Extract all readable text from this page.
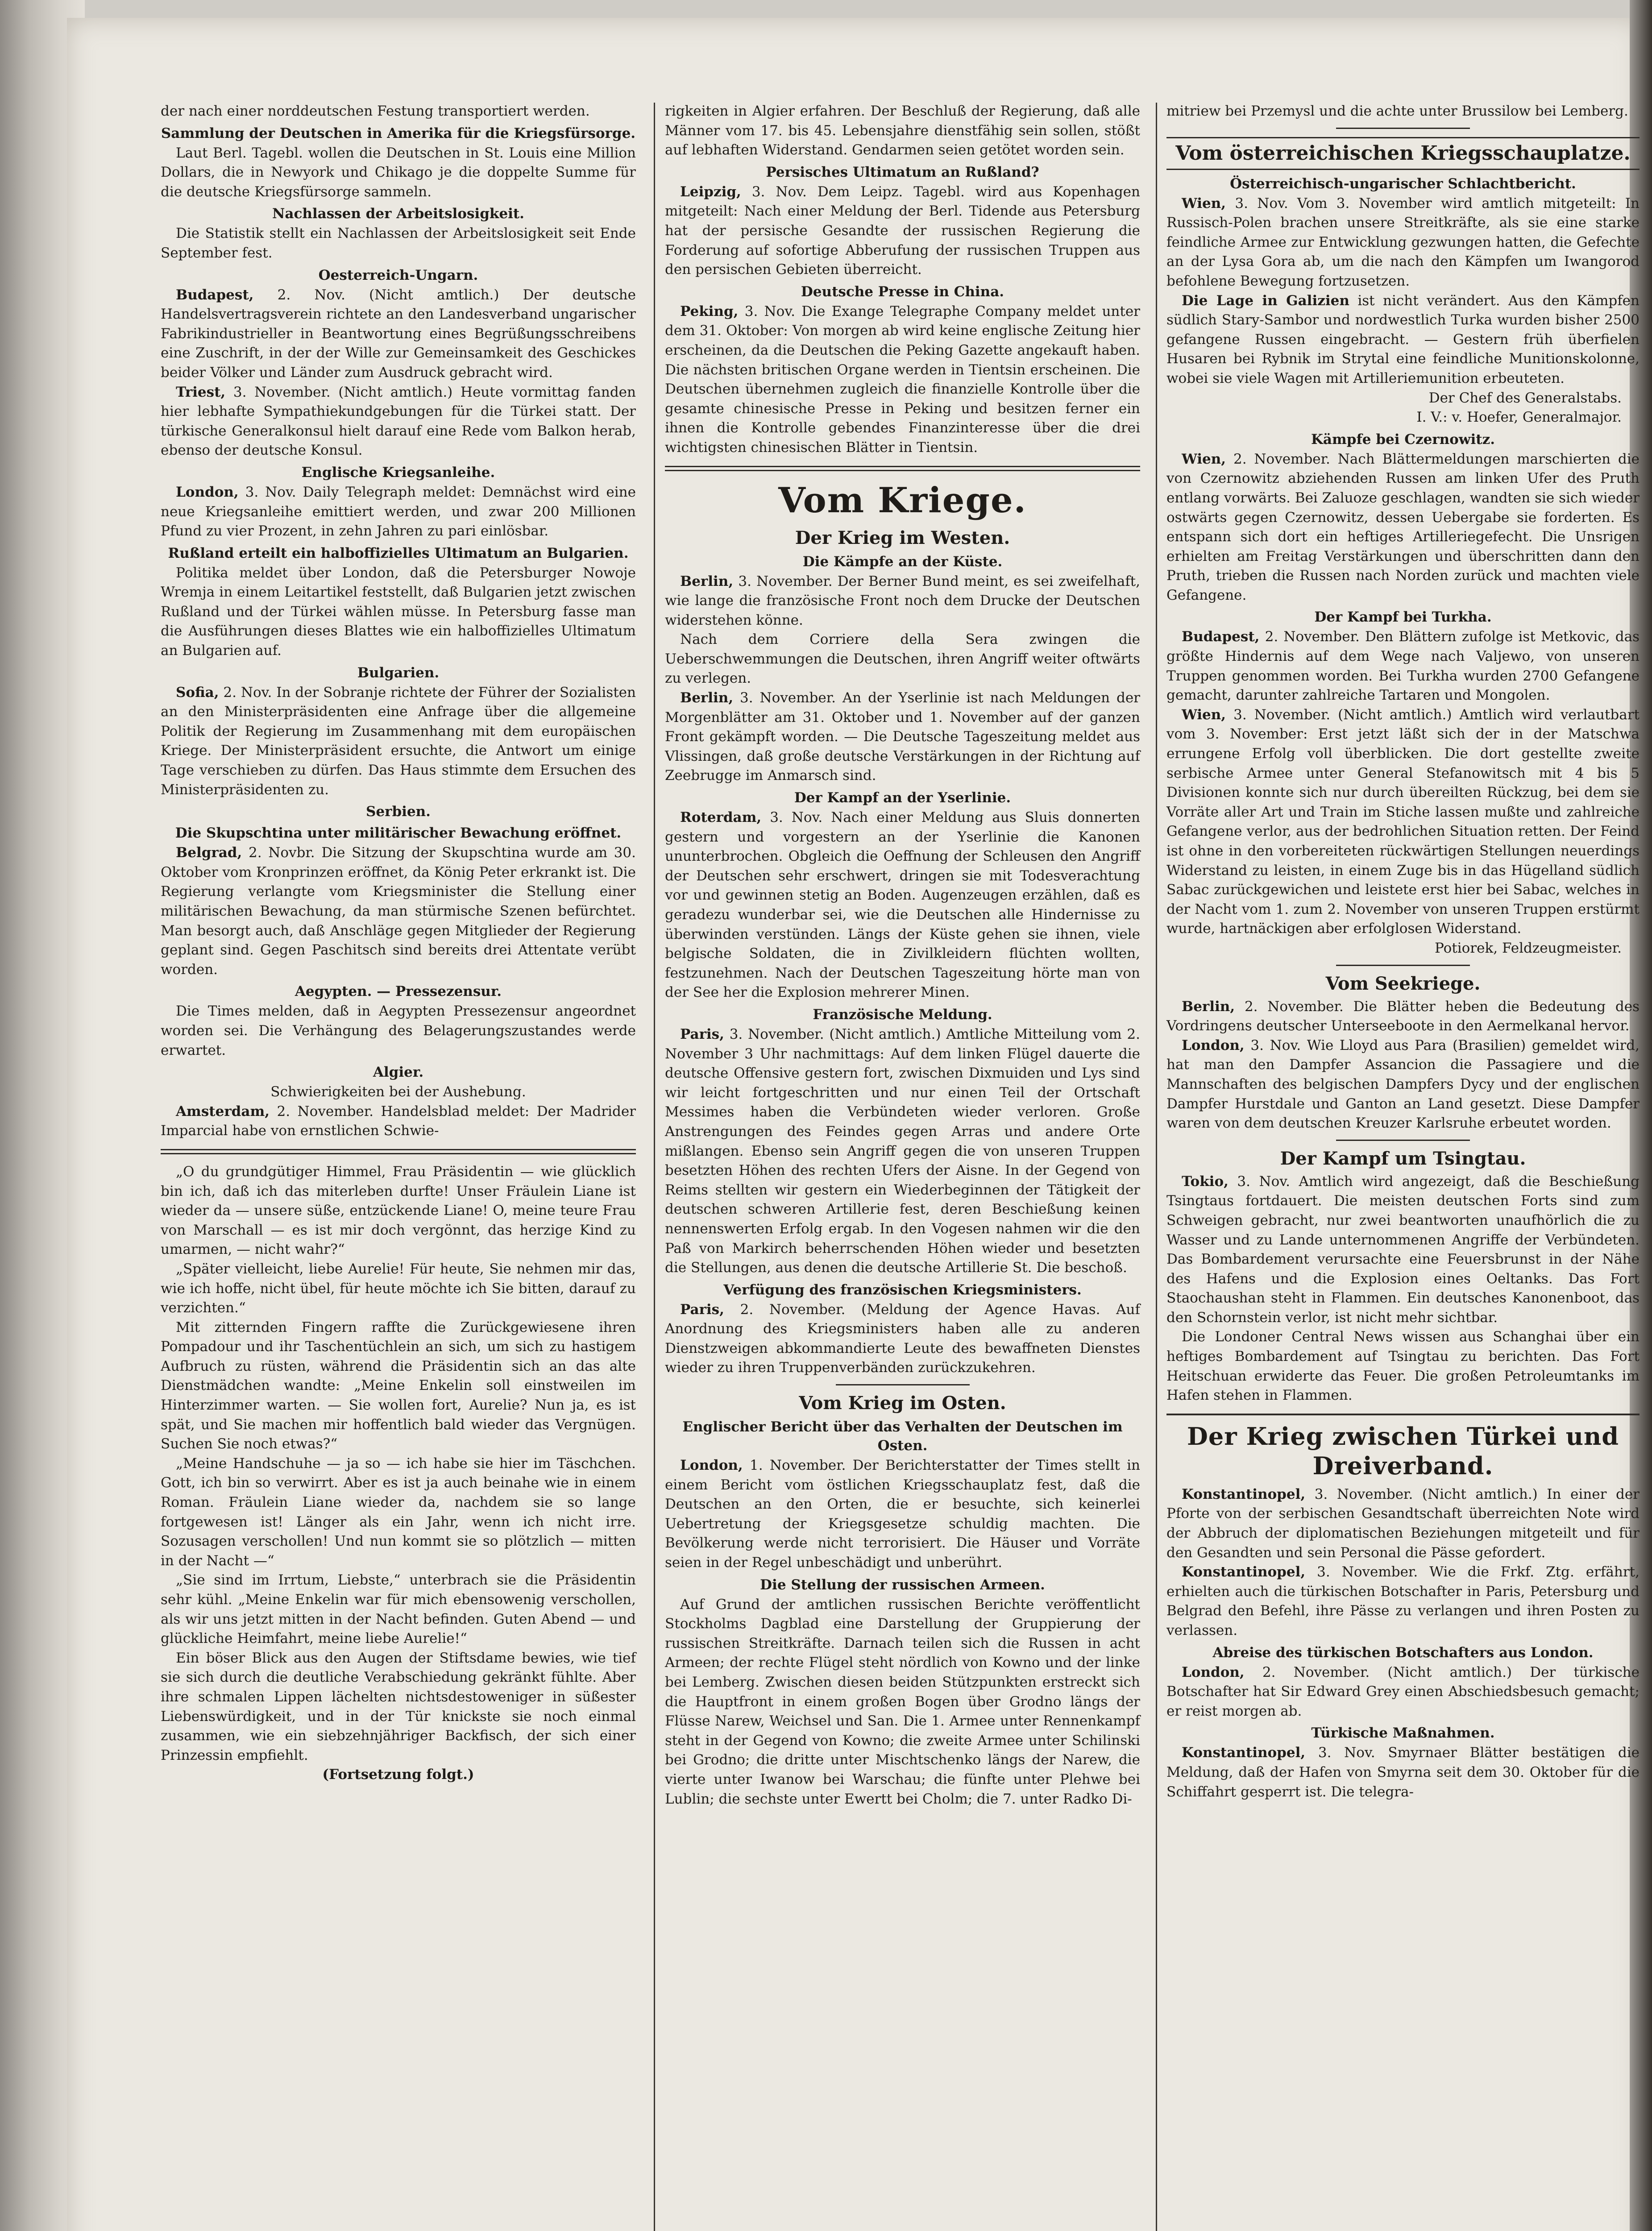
der nach einer norddeutschen Festung transportiert werden.

Sammlung der Deutschen in Amerika für die Kriegsfürsorge.

Laut Berl. Tagebl. wollen die Deutschen in St. Louis eine Million Dollars, die in Newyork und Chikago je die doppelte Summe für die deutsche Kriegsfürsorge sammeln.

Nachlassen der Arbeitslosigkeit.

Die Statistik stellt ein Nachlassen der Arbeitslosigkeit seit Ende September fest.

Oesterreich-Ungarn.

Budapest, 2. Nov. (Nicht amtlich.) Der deutsche Handelsvertragsverein richtete an den Landesverband ungarischer Fabrikindustrieller in Beantwortung eines Begrüßungsschreibens eine Zuschrift, in der der Wille zur Gemeinsamkeit des Geschickes beider Völker und Länder zum Ausdruck gebracht wird.

Triest, 3. November. (Nicht amtlich.) Heute vormittag fanden hier lebhafte Sympathiekundgebungen für die Türkei statt. Der türkische Generalkonsul hielt darauf eine Rede vom Balkon herab, ebenso der deutsche Konsul.

Englische Kriegsanleihe.

London, 3. Nov. Daily Telegraph meldet: Demnächst wird eine neue Kriegsanleihe emittiert werden, und zwar 200 Millionen Pfund zu vier Prozent, in zehn Jahren zu pari einlösbar.

Rußland erteilt ein halboffizielles Ultimatum an Bulgarien.

Politika meldet über London, daß die Petersburger Nowoje Wremja in einem Leitartikel feststellt, daß Bulgarien jetzt zwischen Rußland und der Türkei wählen müsse. In Petersburg fasse man die Ausführungen dieses Blattes wie ein halboffizielles Ultimatum an Bulgarien auf.

Bulgarien.

Sofia, 2. Nov. In der Sobranje richtete der Führer der Sozialisten an den Ministerpräsidenten eine Anfrage über die allgemeine Politik der Regierung im Zusammenhang mit dem europäischen Kriege. Der Ministerpräsident ersuchte, die Antwort um einige Tage verschieben zu dürfen. Das Haus stimmte dem Ersuchen des Ministerpräsidenten zu.

Serbien.
Die Skupschtina unter militärischer Bewachung eröffnet.

Belgrad, 2. Novbr. Die Sitzung der Skupschtina wurde am 30. Oktober vom Kronprinzen eröffnet, da König Peter erkrankt ist. Die Regierung verlangte vom Kriegsminister die Stellung einer militärischen Bewachung, da man stürmische Szenen befürchtet. Man besorgt auch, daß Anschläge gegen Mitglieder der Regierung geplant sind. Gegen Paschitsch sind bereits drei Attentate verübt worden.

Aegypten. — Pressezensur.

Die Times melden, daß in Aegypten Pressezensur angeordnet worden sei. Die Verhängung des Belagerungszustandes werde erwartet.

Algier.

Schwierigkeiten bei der Aushebung.

Amsterdam, 2. November. Handelsblad meldet: Der Madrider Imparcial habe von ernstlichen Schwie-

„O du grundgütiger Himmel, Frau Präsidentin — wie glücklich bin ich, daß ich das miterleben durfte! Unser Fräulein Liane ist wieder da — unsere süße, entzückende Liane! O, meine teure Frau von Marschall — es ist mir doch vergönnt, das herzige Kind zu umarmen, — nicht wahr?“

„Später vielleicht, liebe Aurelie! Für heute, Sie nehmen mir das, wie ich hoffe, nicht übel, für heute möchte ich Sie bitten, darauf zu verzichten.“

Mit zitternden Fingern raffte die Zurückgewiesene ihren Pompadour und ihr Taschentüchlein an sich, um sich zu hastigem Aufbruch zu rüsten, während die Präsidentin sich an das alte Dienstmädchen wandte: „Meine Enkelin soll einstweilen im Hinterzimmer warten. — Sie wollen fort, Aurelie? Nun ja, es ist spät, und Sie machen mir hoffentlich bald wieder das Vergnügen. Suchen Sie noch etwas?“

„Meine Handschuhe — ja so — ich habe sie hier im Täschchen. Gott, ich bin so verwirrt. Aber es ist ja auch beinahe wie in einem Roman. Fräulein Liane wieder da, nachdem sie so lange fortgewesen ist! Länger als ein Jahr, wenn ich nicht irre. Sozusagen verschollen! Und nun kommt sie so plötzlich — mitten in der Nacht —“

„Sie sind im Irrtum, Liebste,“ unterbrach sie die Präsidentin sehr kühl. „Meine Enkelin war für mich ebensowenig verschollen, als wir uns jetzt mitten in der Nacht befinden. Guten Abend — und glückliche Heimfahrt, meine liebe Aurelie!“

Ein böser Blick aus den Augen der Stiftsdame bewies, wie tief sie sich durch die deutliche Verabschiedung gekränkt fühlte. Aber ihre schmalen Lippen lächelten nichtsdestoweniger in süßester Liebenswürdigkeit, und in der Tür knickste sie noch einmal zusammen, wie ein siebzehnjähriger Backfisch, der sich einer Prinzessin empfiehlt.

(Fortsetzung folgt.)

rigkeiten in Algier erfahren. Der Beschluß der Regierung, daß alle Männer vom 17. bis 45. Lebensjahre dienstfähig sein sollen, stößt auf lebhaften Widerstand. Gendarmen seien getötet worden sein.

Persisches Ultimatum an Rußland?

Leipzig, 3. Nov. Dem Leipz. Tagebl. wird aus Kopenhagen mitgeteilt: Nach einer Meldung der Berl. Tidende aus Petersburg hat der persische Gesandte der russischen Regierung die Forderung auf sofortige Abberufung der russischen Truppen aus den persischen Gebieten überreicht.

Deutsche Presse in China.

Peking, 3. Nov. Die Exange Telegraphe Company meldet unter dem 31. Oktober: Von morgen ab wird keine englische Zeitung hier erscheinen, da die Deutschen die Peking Gazette angekauft haben. Die nächsten britischen Organe werden in Tientsin erscheinen. Die Deutschen übernehmen zugleich die finanzielle Kontrolle über die gesamte chinesische Presse in Peking und besitzen ferner ein ihnen die Kontrolle gebendes Finanzinteresse über die drei wichtigsten chinesischen Blätter in Tientsin.

Vom Kriege.
Der Krieg im Westen.
Die Kämpfe an der Küste.

Berlin, 3. November. Der Berner Bund meint, es sei zweifelhaft, wie lange die französische Front noch dem Drucke der Deutschen widerstehen könne.

Nach dem Corriere della Sera zwingen die Ueberschwemmungen die Deutschen, ihren Angriff weiter oftwärts zu verlegen.

Berlin, 3. November. An der Yserlinie ist nach Meldungen der Morgenblätter am 31. Oktober und 1. November auf der ganzen Front gekämpft worden. — Die Deutsche Tageszeitung meldet aus Vlissingen, daß große deutsche Verstärkungen in der Richtung auf Zeebrugge im Anmarsch sind.

Der Kampf an der Yserlinie.

Roterdam, 3. Nov. Nach einer Meldung aus Sluis donnerten gestern und vorgestern an der Yserlinie die Kanonen ununterbrochen. Obgleich die Oeffnung der Schleusen den Angriff der Deutschen sehr erschwert, dringen sie mit Todesverachtung vor und gewinnen stetig an Boden. Augenzeugen erzählen, daß es geradezu wunderbar sei, wie die Deutschen alle Hindernisse zu überwinden verstünden. Längs der Küste gehen sie ihnen, viele belgische Soldaten, die in Zivilkleidern flüchten wollten, festzunehmen. Nach der Deutschen Tageszeitung hörte man von der See her die Explosion mehrerer Minen.

Französische Meldung.

Paris, 3. November. (Nicht amtlich.) Amtliche Mitteilung vom 2. November 3 Uhr nachmittags: Auf dem linken Flügel dauerte die deutsche Offensive gestern fort, zwischen Dixmuiden und Lys sind wir leicht fortgeschritten und nur einen Teil der Ortschaft Messimes haben die Verbündeten wieder verloren. Große Anstrengungen des Feindes gegen Arras und andere Orte mißlangen. Ebenso sein Angriff gegen die von unseren Truppen besetzten Höhen des rechten Ufers der Aisne. In der Gegend von Reims stellten wir gestern ein Wiederbeginnen der Tätigkeit der deutschen schweren Artillerie fest, deren Beschießung keinen nennenswerten Erfolg ergab. In den Vogesen nahmen wir die den Paß von Markirch beherrschenden Höhen wieder und besetzten die Stellungen, aus denen die deutsche Artillerie St. Die beschoß.

Verfügung des französischen Kriegsministers.

Paris, 2. November. (Meldung der Agence Havas. Auf Anordnung des Kriegsministers haben alle zu anderen Dienstzweigen abkommandierte Leute des bewaffneten Dienstes wieder zu ihren Truppenverbänden zurückzukehren.

Vom Krieg im Osten.
Englischer Bericht über das Verhalten der Deutschen im Osten.

London, 1. November. Der Berichterstatter der Times stellt in einem Bericht vom östlichen Kriegsschauplatz fest, daß die Deutschen an den Orten, die er besuchte, sich keinerlei Uebertretung der Kriegsgesetze schuldig machten. Die Bevölkerung werde nicht terrorisiert. Die Häuser und Vorräte seien in der Regel unbeschädigt und unberührt.

Die Stellung der russischen Armeen.

Auf Grund der amtlichen russischen Berichte veröffentlicht Stockholms Dagblad eine Darstellung der Gruppierung der russischen Streitkräfte. Darnach teilen sich die Russen in acht Armeen; der rechte Flügel steht nördlich von Kowno und der linke bei Lemberg. Zwischen diesen beiden Stützpunkten erstreckt sich die Hauptfront in einem großen Bogen über Grodno längs der Flüsse Narew, Weichsel und San. Die 1. Armee unter Rennenkampf steht in der Gegend von Kowno; die zweite Armee unter Schilinski bei Grodno; die dritte unter Mischtschenko längs der Narew, die vierte unter Iwanow bei Warschau; die fünfte unter Plehwe bei Lublin; die sechste unter Ewertt bei Cholm; die 7. unter Radko Di-

mitriew bei Przemysl und die achte unter Brussilow bei Lemberg.

Vom österreichischen Kriegsschauplatze.
Österreichisch-ungarischer Schlachtbericht.

Wien, 3. Nov. Vom 3. November wird amtlich mitgeteilt: In Russisch-Polen brachen unsere Streitkräfte, als sie eine starke feindliche Armee zur Entwicklung gezwungen hatten, die Gefechte an der Lysa Gora ab, um die nach den Kämpfen um Iwangorod befohlene Bewegung fortzusetzen.

Die Lage in Galizien ist nicht verändert. Aus den Kämpfen südlich Stary-Sambor und nordwestlich Turka wurden bisher 2500 gefangene Russen eingebracht. — Gestern früh überfielen Husaren bei Rybnik im Strytal eine feindliche Munitionskolonne, wobei sie viele Wagen mit Artilleriemunition erbeuteten.

Der Chef des Generalstabs.

I. V.: v. Hoefer, Generalmajor.

Kämpfe bei Czernowitz.

Wien, 2. November. Nach Blättermeldungen marschierten die von Czernowitz abziehenden Russen am linken Ufer des Pruth entlang vorwärts. Bei Zaluoze geschlagen, wandten sie sich wieder ostwärts gegen Czernowitz, dessen Uebergabe sie forderten. Es entspann sich dort ein heftiges Artilleriegefecht. Die Unsrigen erhielten am Freitag Verstärkungen und überschritten dann den Pruth, trieben die Russen nach Norden zurück und machten viele Gefangene.

Der Kampf bei Turkha.

Budapest, 2. November. Den Blättern zufolge ist Metkovic, das größte Hindernis auf dem Wege nach Valjewo, von unseren Truppen genommen worden. Bei Turkha wurden 2700 Gefangene gemacht, darunter zahlreiche Tartaren und Mongolen.

Wien, 3. November. (Nicht amtlich.) Amtlich wird verlautbart vom 3. November: Erst jetzt läßt sich der in der Matschwa errungene Erfolg voll überblicken. Die dort gestellte zweite serbische Armee unter General Stefanowitsch mit 4 bis 5 Divisionen konnte sich nur durch übereilten Rückzug, bei dem sie Vorräte aller Art und Train im Stiche lassen mußte und zahlreiche Gefangene verlor, aus der bedrohlichen Situation retten. Der Feind ist ohne in den vorbereiteten rückwärtigen Stellungen neuerdings Widerstand zu leisten, in einem Zuge bis in das Hügelland südlich Sabac zurückgewichen und leistete erst hier bei Sabac, welches in der Nacht vom 1. zum 2. November von unseren Truppen erstürmt wurde, hartnäckigen aber erfolglosen Widerstand.

Potiorek, Feldzeugmeister.

Vom Seekriege.

Berlin, 2. November. Die Blätter heben die Bedeutung des Vordringens deutscher Unterseeboote in den Aermelkanal hervor.

London, 3. Nov. Wie Lloyd aus Para (Brasilien) gemeldet wird, hat man den Dampfer Assancion die Passagiere und die Mannschaften des belgischen Dampfers Dycy und der englischen Dampfer Hurstdale und Ganton an Land gesetzt. Diese Dampfer waren von dem deutschen Kreuzer Karlsruhe erbeutet worden.

Der Kampf um Tsingtau.

Tokio, 3. Nov. Amtlich wird angezeigt, daß die Beschießung Tsingtaus fortdauert. Die meisten deutschen Forts sind zum Schweigen gebracht, nur zwei beantworten unaufhörlich die zu Wasser und zu Lande unternommenen Angriffe der Verbündeten. Das Bombardement verursachte eine Feuersbrunst in der Nähe des Hafens und die Explosion eines Oeltanks. Das Fort Staochaushan steht in Flammen. Ein deutsches Kanonenboot, das den Schornstein verlor, ist nicht mehr sichtbar.

Die Londoner Central News wissen aus Schanghai über ein heftiges Bombardement auf Tsingtau zu berichten. Das Fort Heitschuan erwiderte das Feuer. Die großen Petroleumtanks im Hafen stehen in Flammen.

Der Krieg zwischen Türkei und Dreiverband.

Konstantinopel, 3. November. (Nicht amtlich.) In einer der Pforte von der serbischen Gesandtschaft überreichten Note wird der Abbruch der diplomatischen Beziehungen mitgeteilt und für den Gesandten und sein Personal die Pässe gefordert.

Konstantinopel, 3. November. Wie die Frkf. Ztg. erfährt, erhielten auch die türkischen Botschafter in Paris, Petersburg und Belgrad den Befehl, ihre Pässe zu verlangen und ihren Posten zu verlassen.

Abreise des türkischen Botschafters aus London.

London, 2. November. (Nicht amtlich.) Der türkische Botschafter hat Sir Edward Grey einen Abschiedsbesuch gemacht; er reist morgen ab.

Türkische Maßnahmen.

Konstantinopel, 3. Nov. Smyrnaer Blätter bestätigen die Meldung, daß der Hafen von Smyrna seit dem 30. Oktober für die Schiffahrt gesperrt ist. Die telegra-
